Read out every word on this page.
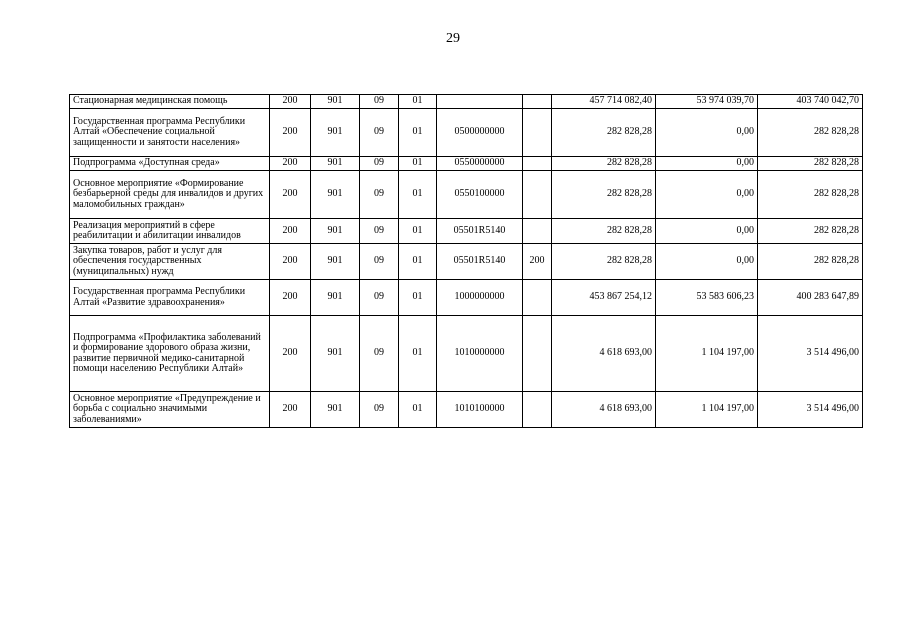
29
Стационарная медицинская помощь	200	901	09	01			457 714 082,40	53 974 039,70	403 740 042,70
Государственная программа Республики Алтай «Обеспечение социальной защищенности и занятости населения»	200	901	09	01	0500000000		282 828,28	0,00	282 828,28
Подпрограмма «Доступная среда»	200	901	09	01	0550000000		282 828,28	0,00	282 828,28
Основное мероприятие «Формирование безбарьерной среды для инвалидов и других маломобильных граждан»	200	901	09	01	0550100000		282 828,28	0,00	282 828,28
Реализация мероприятий в сфере реабилитации и абилитации инвалидов	200	901	09	01	05501R5140		282 828,28	0,00	282 828,28
Закупка товаров, работ и услуг для обеспечения государственных (муниципальных) нужд	200	901	09	01	05501R5140	200	282 828,28	0,00	282 828,28
Государственная программа Республики Алтай «Развитие здравоохранения»	200	901	09	01	1000000000		453 867 254,12	53 583 606,23	400 283 647,89
Подпрограмма «Профилактика заболеваний и формирование здорового образа жизни, развитие первичной медико-санитарной помощи населению Республики Алтай»	200	901	09	01	1010000000		4 618 693,00	1 104 197,00	3 514 496,00
Основное мероприятие «Предупреждение и борьба с социально значимыми заболеваниями»	200	901	09	01	1010100000		4 618 693,00	1 104 197,00	3 514 496,00
